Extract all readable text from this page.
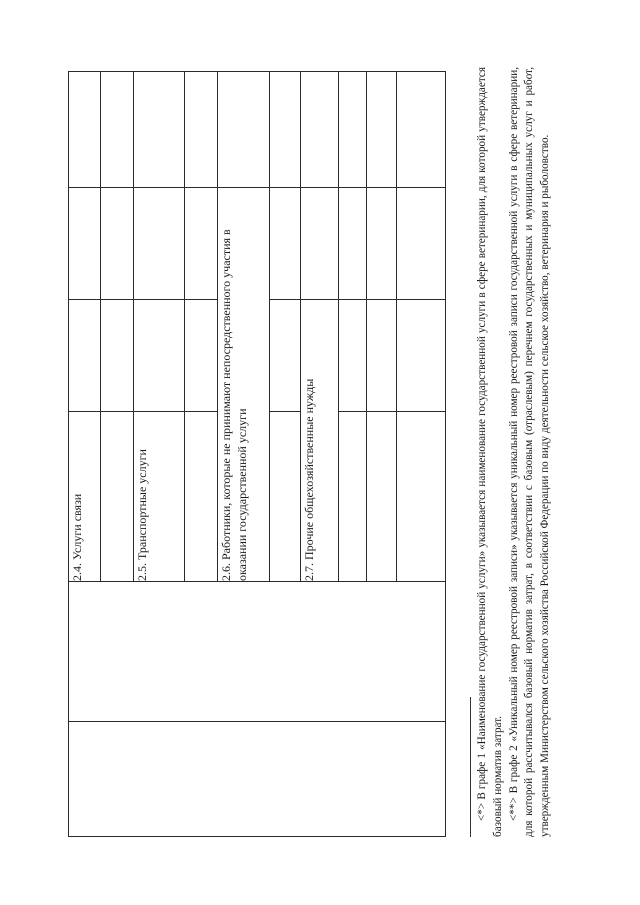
		2.4. Услуги связи			

		2.5. Транспортные услуги			

		2.6. Работники, которые не принимают непосредственного участия в оказании государственной услуги			

		2.7. Прочие общехозяйственные нужды			

				<*> В графе 1 «Наименование государственной услуги» указывается наименование государственной услуги в сфере ветеринарии, для которой утверждается базовый норматив затрат. <**> В графе 2 «Уникальный номер реестровой записи» указывается уникальный номер реестровой записи государственной услуги в сфере ветеринарии, для которой рассчитывался базовый норматив затрат, в соответствии с базовым (отраслевым) перечнем государственных и муниципальных услуг и работ, утвержденным Министерством сельского хозяйства Российской Федерации по виду деятельности сельское хозяйство, ветеринария и рыболовство.
